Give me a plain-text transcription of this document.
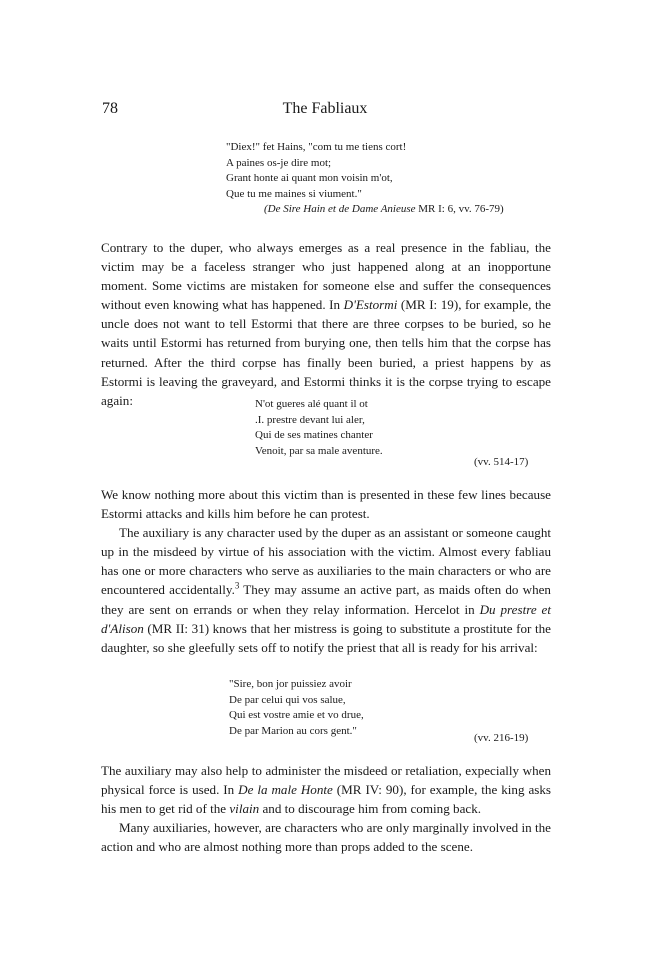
78	The Fabliaux
"Diex!" fet Hains, "com tu me tiens cort!
A paines os-je dire mot;
Grant honte ai quant mon voisin m'ot,
Que tu me maines si viument."
(De Sire Hain et de Dame Anieuse MR I: 6, vv. 76-79)

Contrary to the duper, who always emerges as a real presence in the fabliau, the victim may be a faceless stranger who just happened along at an inopportune moment. Some victims are mistaken for someone else and suffer the consequences without even knowing what has happened. In D'Estormi (MR I: 19), for example, the uncle does not want to tell Estormi that there are three corpses to be buried, so he waits until Estormi has returned from burying one, then tells him that the corpse has returned. After the third corpse has finally been buried, a priest happens by as Estormi is leaving the graveyard, and Estormi thinks it is the corpse trying to escape again:	N'ot gueres alé quant il ot
.I. prestre devant lui aler,
Qui de ses matines chanter
Venoit, par sa male aventure.
(vv. 514-17)

We know nothing more about this victim than is presented in these few lines because Estormi attacks and kills him before he can protest.

The auxiliary is any character used by the duper as an assistant or someone caught up in the misdeed by virtue of his association with the victim. Almost every fabliau has one or more characters who serve as auxiliaries to the main characters or who are encountered accidentally.$^3$ They may assume an active part, as maids often do when they are sent on errands or when they relay information. Hercelot in Du prestre et d'Alison (MR II: 31) knows that her mistress is going to substitute a prostitute for the daughter, so she gleefully sets off to notify the priest that all is ready for his arrival:

"Sire, bon jor puissiez avoir
De par celui qui vos salue,
Qui est vostre amie et vo drue,
De par Marion au cors gent."
(vv. 216-19)

The auxiliary may also help to administer the misdeed or retaliation, expecially when physical force is used. In De la male Honte (MR IV: 90), for example, the king asks his men to get rid of the vilain and to discourage him from coming back.

Many auxiliaries, however, are characters who are only marginally involved in the action and who are almost nothing more than props added to the scene.
